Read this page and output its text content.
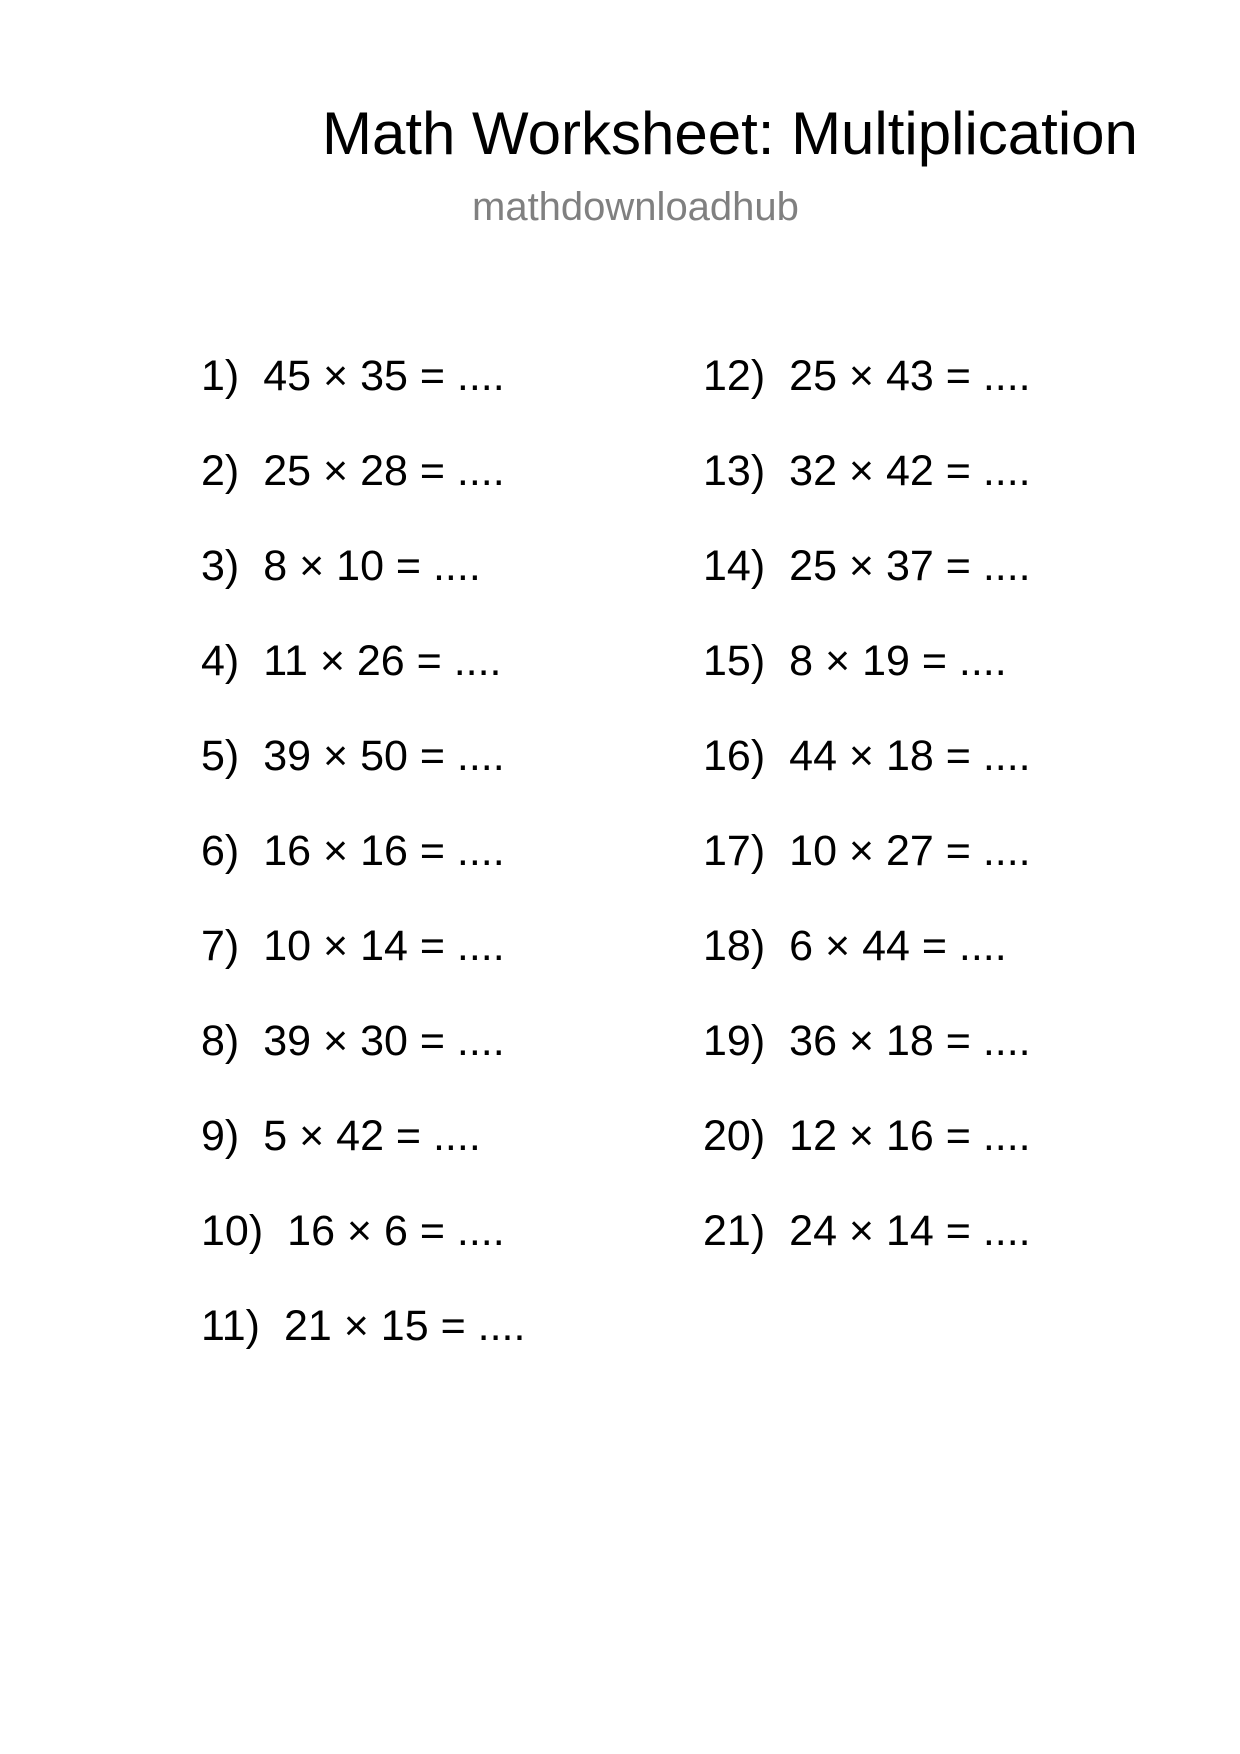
Math Worksheet: Multiplication
mathdownloadhub
1) 45 × 35 = ....
2) 25 × 28 = ....
3) 8 × 10 = ....
4) 11 × 26 = ....
5) 39 × 50 = ....
6) 16 × 16 = ....
7) 10 × 14 = ....
8) 39 × 30 = ....
9) 5 × 42 = ....
10) 16 × 6 = ....
11) 21 × 15 = ....
12) 25 × 43 = ....
13) 32 × 42 = ....
14) 25 × 37 = ....
15) 8 × 19 = ....
16) 44 × 18 = ....
17) 10 × 27 = ....
18) 6 × 44 = ....
19) 36 × 18 = ....
20) 12 × 16 = ....
21) 24 × 14 = ....
